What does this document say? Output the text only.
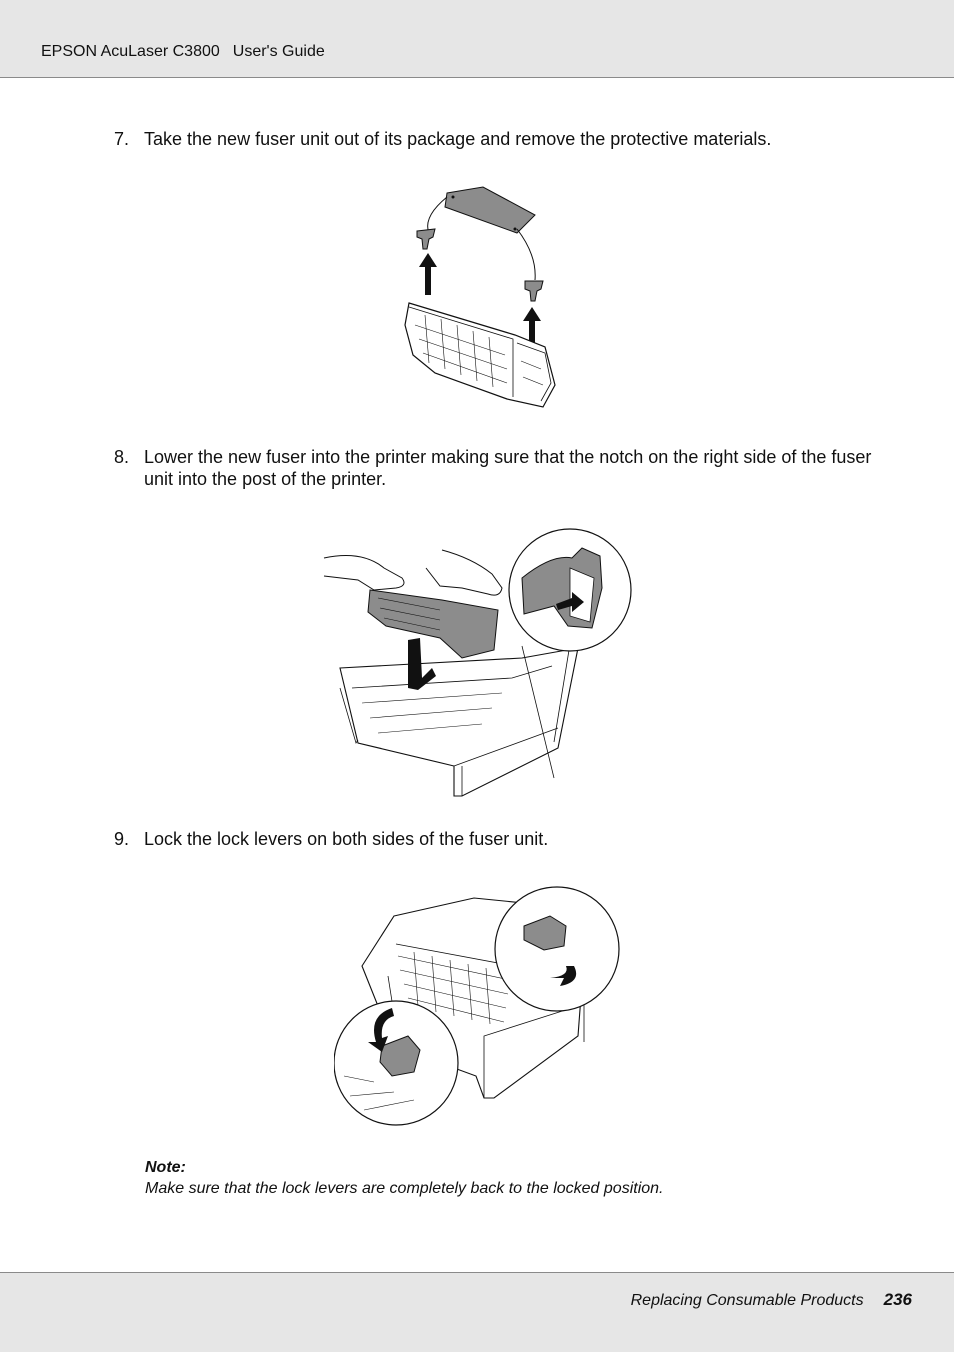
EPSON AcuLaser C3800 User's Guide
7. Take the new fuser unit out of its package and remove the protective materials.
8. Lower the new fuser into the printer making sure that the notch on the right side of the fuser unit into the post of the printer.
9. Lock the lock levers on both sides of the fuser unit.
Note:
Make sure that the lock levers are completely back to the locked position.
Replacing Consumable Products 236
